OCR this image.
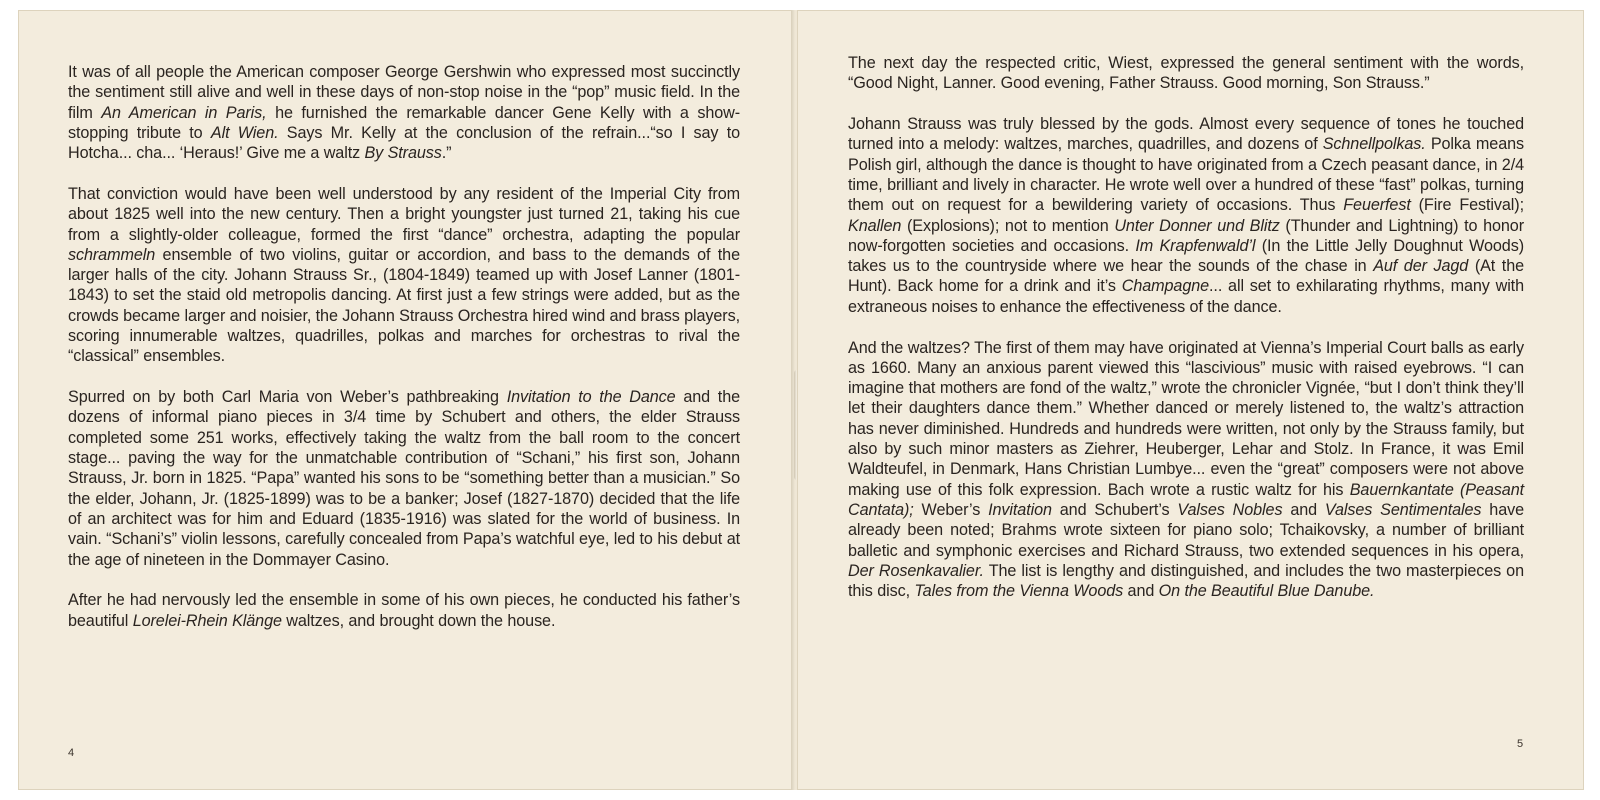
It was of all people the American composer George Gershwin who expressed most succinctly the sentiment still alive and well in these days of non-stop noise in the “pop” music field. In the film An American in Paris, he furnished the remarkable dancer Gene Kelly with a show-stopping tribute to Alt Wien. Says Mr. Kelly at the conclusion of the refrain...“so I say to Hotcha... cha... ‘Heraus!’ Give me a waltz By Strauss.”

That conviction would have been well understood by any resident of the Imperial City from about 1825 well into the new century. Then a bright youngster just turned 21, taking his cue from a slightly-older colleague, formed the first “dance” orchestra, adapting the popular schrammeln ensemble of two violins, guitar or accordion, and bass to the demands of the larger halls of the city. Johann Strauss Sr., (1804-1849) teamed up with Josef Lanner (1801-1843) to set the staid old metropolis dancing. At first just a few strings were added, but as the crowds became larger and noisier, the Johann Strauss Orchestra hired wind and brass players, scoring innumerable waltzes, quadrilles, polkas and marches for orchestras to rival the “classical” ensembles.

Spurred on by both Carl Maria von Weber’s pathbreaking Invitation to the Dance and the dozens of informal piano pieces in 3/4 time by Schubert and others, the elder Strauss completed some 251 works, effectively taking the waltz from the ball room to the concert stage... paving the way for the unmatchable contribution of “Schani,” his first son, Johann Strauss, Jr. born in 1825. “Papa” wanted his sons to be “something better than a musician.” So the elder, Johann, Jr. (1825-1899) was to be a banker; Josef (1827-1870) decided that the life of an architect was for him and Eduard (1835-1916) was slated for the world of business. In vain. “Schani’s” violin lessons, carefully concealed from Papa’s watchful eye, led to his debut at the age of nineteen in the Dommayer Casino.

After he had nervously led the ensemble in some of his own pieces, he conducted his father’s beautiful Lorelei-Rhein Klänge waltzes, and brought down the house.

4

The next day the respected critic, Wiest, expressed the general sentiment with the words, “Good Night, Lanner. Good evening, Father Strauss. Good morning, Son Strauss.”

Johann Strauss was truly blessed by the gods. Almost every sequence of tones he touched turned into a melody: waltzes, marches, quadrilles, and dozens of Schnellpolkas. Polka means Polish girl, although the dance is thought to have originated from a Czech peasant dance, in 2/4 time, brilliant and lively in character. He wrote well over a hundred of these “fast” polkas, turning them out on request for a bewildering variety of occasions. Thus Feuerfest (Fire Festival); Knallen (Explosions); not to mention Unter Donner und Blitz (Thunder and Lightning) to honor now-forgotten societies and occasions. Im Krapfenwald’l (In the Little Jelly Doughnut Woods) takes us to the countryside where we hear the sounds of the chase in Auf der Jagd (At the Hunt). Back home for a drink and it’s Champagne... all set to exhilarating rhythms, many with extraneous noises to enhance the effectiveness of the dance.

And the waltzes? The first of them may have originated at Vienna’s Imperial Court balls as early as 1660. Many an anxious parent viewed this “lascivious” music with raised eyebrows. “I can imagine that mothers are fond of the waltz,” wrote the chronicler Vignée, “but I don’t think they’ll let their daughters dance them.” Whether danced or merely listened to, the waltz’s attraction has never diminished. Hundreds and hundreds were written, not only by the Strauss family, but also by such minor masters as Ziehrer, Heuberger, Lehar and Stolz. In France, it was Emil Waldteufel, in Denmark, Hans Christian Lumbye... even the “great” composers were not above making use of this folk expression. Bach wrote a rustic waltz for his Bauernkantate (Peasant Cantata); Weber’s Invitation and Schubert’s Valses Nobles and Valses Sentimentales have already been noted; Brahms wrote sixteen for piano solo; Tchaikovsky, a number of brilliant balletic and symphonic exercises and Richard Strauss, two extended sequences in his opera, Der Rosenkavalier. The list is lengthy and distinguished, and includes the two masterpieces on this disc, Tales from the Vienna Woods and On the Beautiful Blue Danube.

5
